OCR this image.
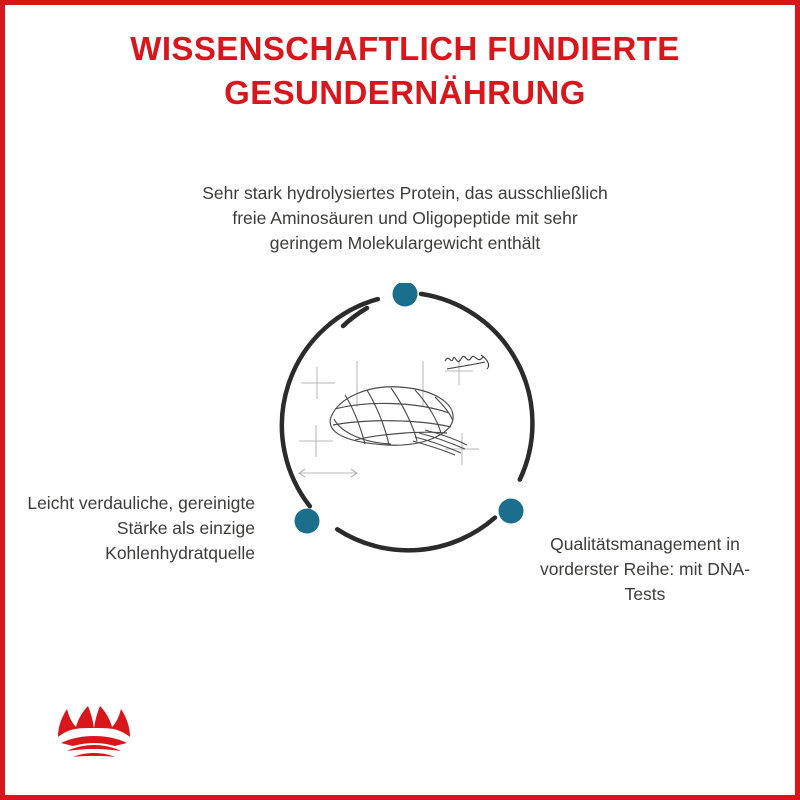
WISSENSCHAFTLICH FUNDIERTE
GESUNDERNÄHRUNG
Sehr stark hydrolysiertes Protein, das ausschließlich freie Aminosäuren und Oligopeptide mit sehr geringem Molekulargewicht enthält
Leicht verdauliche, gereinigte Stärke als einzige Kohlenhydratquelle	Qualitätsmanagement in vorderster Reihe: mit DNA-Tests
